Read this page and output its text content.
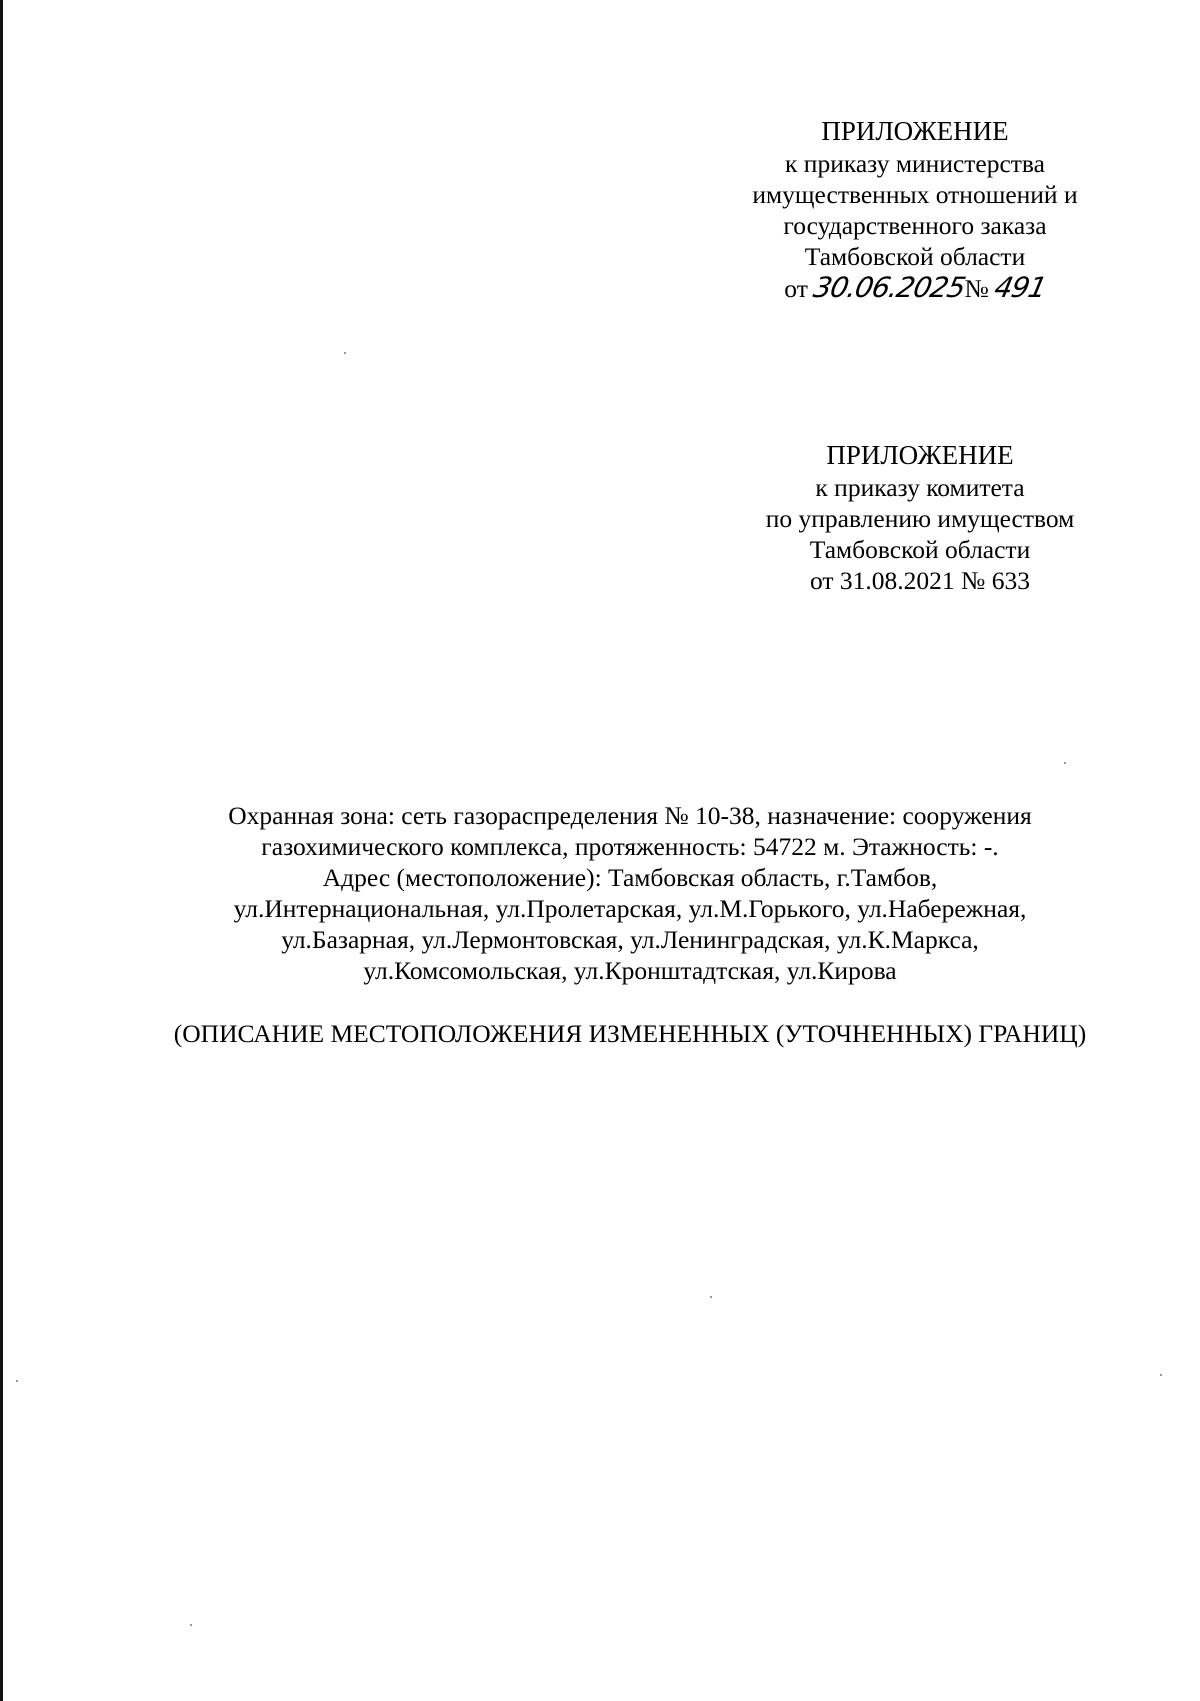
ПРИЛОЖЕНИЕ
к приказу министерства
имущественных отношений и
государственного заказа
Тамбовской области
от 30.06.2025№ 491
ПРИЛОЖЕНИЕ
к приказу комитета
по управлению имуществом
Тамбовской области
от 31.08.2021 № 633
Охранная зона: сеть газораспределения № 10-38, назначение: сооружения
газохимического комплекса, протяженность: 54722 м. Этажность: -.
Адрес (местоположение): Тамбовская область, г.Тамбов,
ул.Интернациональная, ул.Пролетарская, ул.М.Горького, ул.Набережная,
ул.Базарная, ул.Лермонтовская, ул.Ленинградская, ул.К.Маркса,
ул.Комсомольская, ул.Кронштадтская, ул.Кирова
(ОПИСАНИЕ МЕСТОПОЛОЖЕНИЯ ИЗМЕНЕННЫХ (УТОЧНЕННЫХ) ГРАНИЦ)
